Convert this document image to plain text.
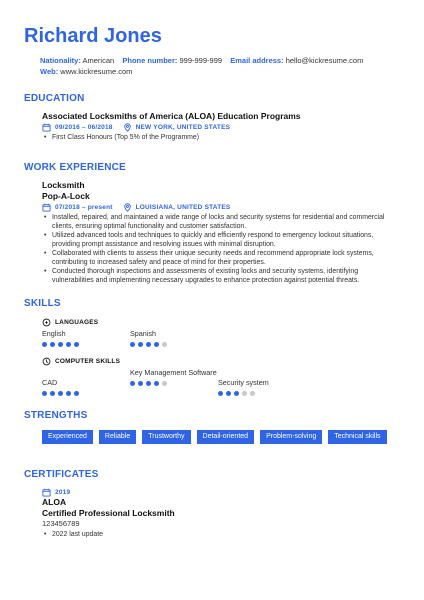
Richard Jones
Nationality: American Phone number: 999-999-999 Email address: hello@kickresume.com
Web: www.kickresume.com
EDUCATION
Associated Locksmiths of America (ALOA) Education Programs
09/2016 – 06/2018	NEW YORK, UNITED STATES
• First Class Honours (Top 5% of the Programme)
WORK EXPERIENCE
Locksmith
Pop-A-Lock
07/2018 – present	LOUISIANA, UNITED STATES
• Installed, repaired, and maintained a wide range of locks and security systems for residential and commercial clients, ensuring optimal functionality and customer satisfaction.
• Utilized advanced tools and techniques to quickly and efficiently respond to emergency lockout situations, providing prompt assistance and resolving issues with minimal disruption.
• Collaborated with clients to assess their unique security needs and recommend appropriate lock systems, contributing to increased safety and peace of mind for their properties.
• Conducted thorough inspections and assessments of existing locks and security systems, identifying vulnerabilities and implementing necessary upgrades to enhance protection against potential threats.
SKILLS
LANGUAGES
English	Spanish
COMPUTER SKILLS
CAD
Key Management Software
Security system
STRENGTHS
Experienced	Reliable	Trustworthy	Detail-oriented	Problem-solving	Technical skills
CERTIFICATES
2019
ALOA
Certified Professional Locksmith
123456789
• 2022 last update
